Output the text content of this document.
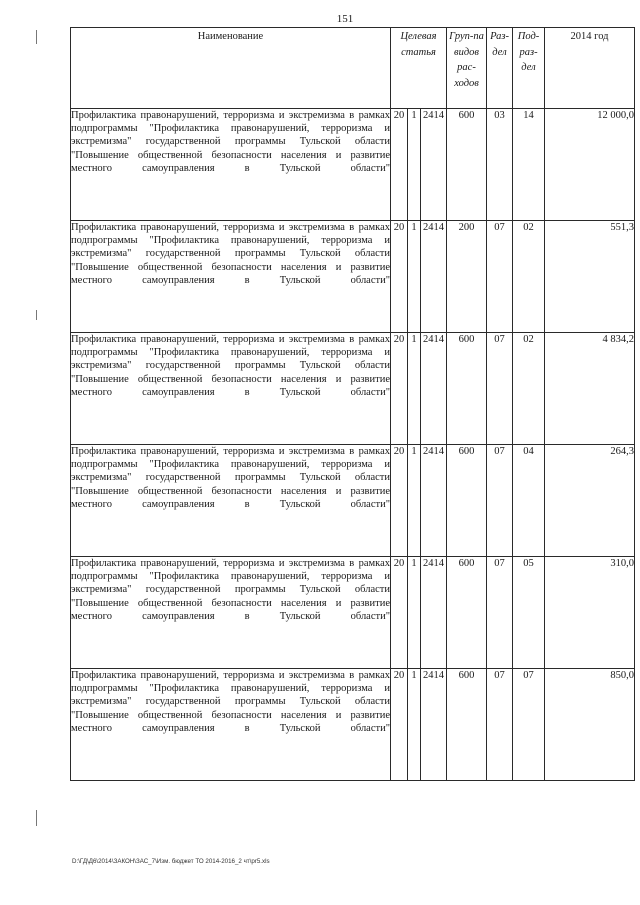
151
Наименование	Целевая статья			Груп-па видов рас-ходов	Раз-дел	Под-раз-дел	2014 год
Профилактика правонарушений, терроризма и экстремизма в рамках подпрограммы "Профилактика правонарушений, терроризма и экстремизма" государственной программы Тульской области "Повышение общественной безопасности населения и развитие местного самоуправления в Тульской области"	20	1	2414	600	03	14	12 000,0
Профилактика правонарушений, терроризма и экстремизма в рамках подпрограммы "Профилактика правонарушений, терроризма и экстремизма" государственной программы Тульской области "Повышение общественной безопасности населения и развитие местного самоуправления в Тульской области"	20	1	2414	200	07	02	551,3
Профилактика правонарушений, терроризма и экстремизма в рамках подпрограммы "Профилактика правонарушений, терроризма и экстремизма" государственной программы Тульской области "Повышение общественной безопасности населения и развитие местного самоуправления в Тульской области"	20	1	2414	600	07	02	4 834,2
Профилактика правонарушений, терроризма и экстремизма в рамках подпрограммы "Профилактика правонарушений, терроризма и экстремизма" государственной программы Тульской области "Повышение общественной безопасности населения и развитие местного самоуправления в Тульской области"	20	1	2414	600	07	04	264,3
Профилактика правонарушений, терроризма и экстремизма в рамках подпрограммы "Профилактика правонарушений, терроризма и экстремизма" государственной программы Тульской области "Повышение общественной безопасности населения и развитие местного самоуправления в Тульской области"	20	1	2414	600	07	05	310,0
Профилактика правонарушений, терроризма и экстремизма в рамках подпрограммы "Профилактика правонарушений, терроризма и экстремизма" государственной программы Тульской области "Повышение общественной безопасности населения и развитие местного самоуправления в Тульской области"	20	1	2414	600	07	07	850,0
D:\ГД\Д6\2014\ЗАКОН\ЗАС_7\Изм. бюджет ТО 2014-2016_2 чт\pr5.xls
